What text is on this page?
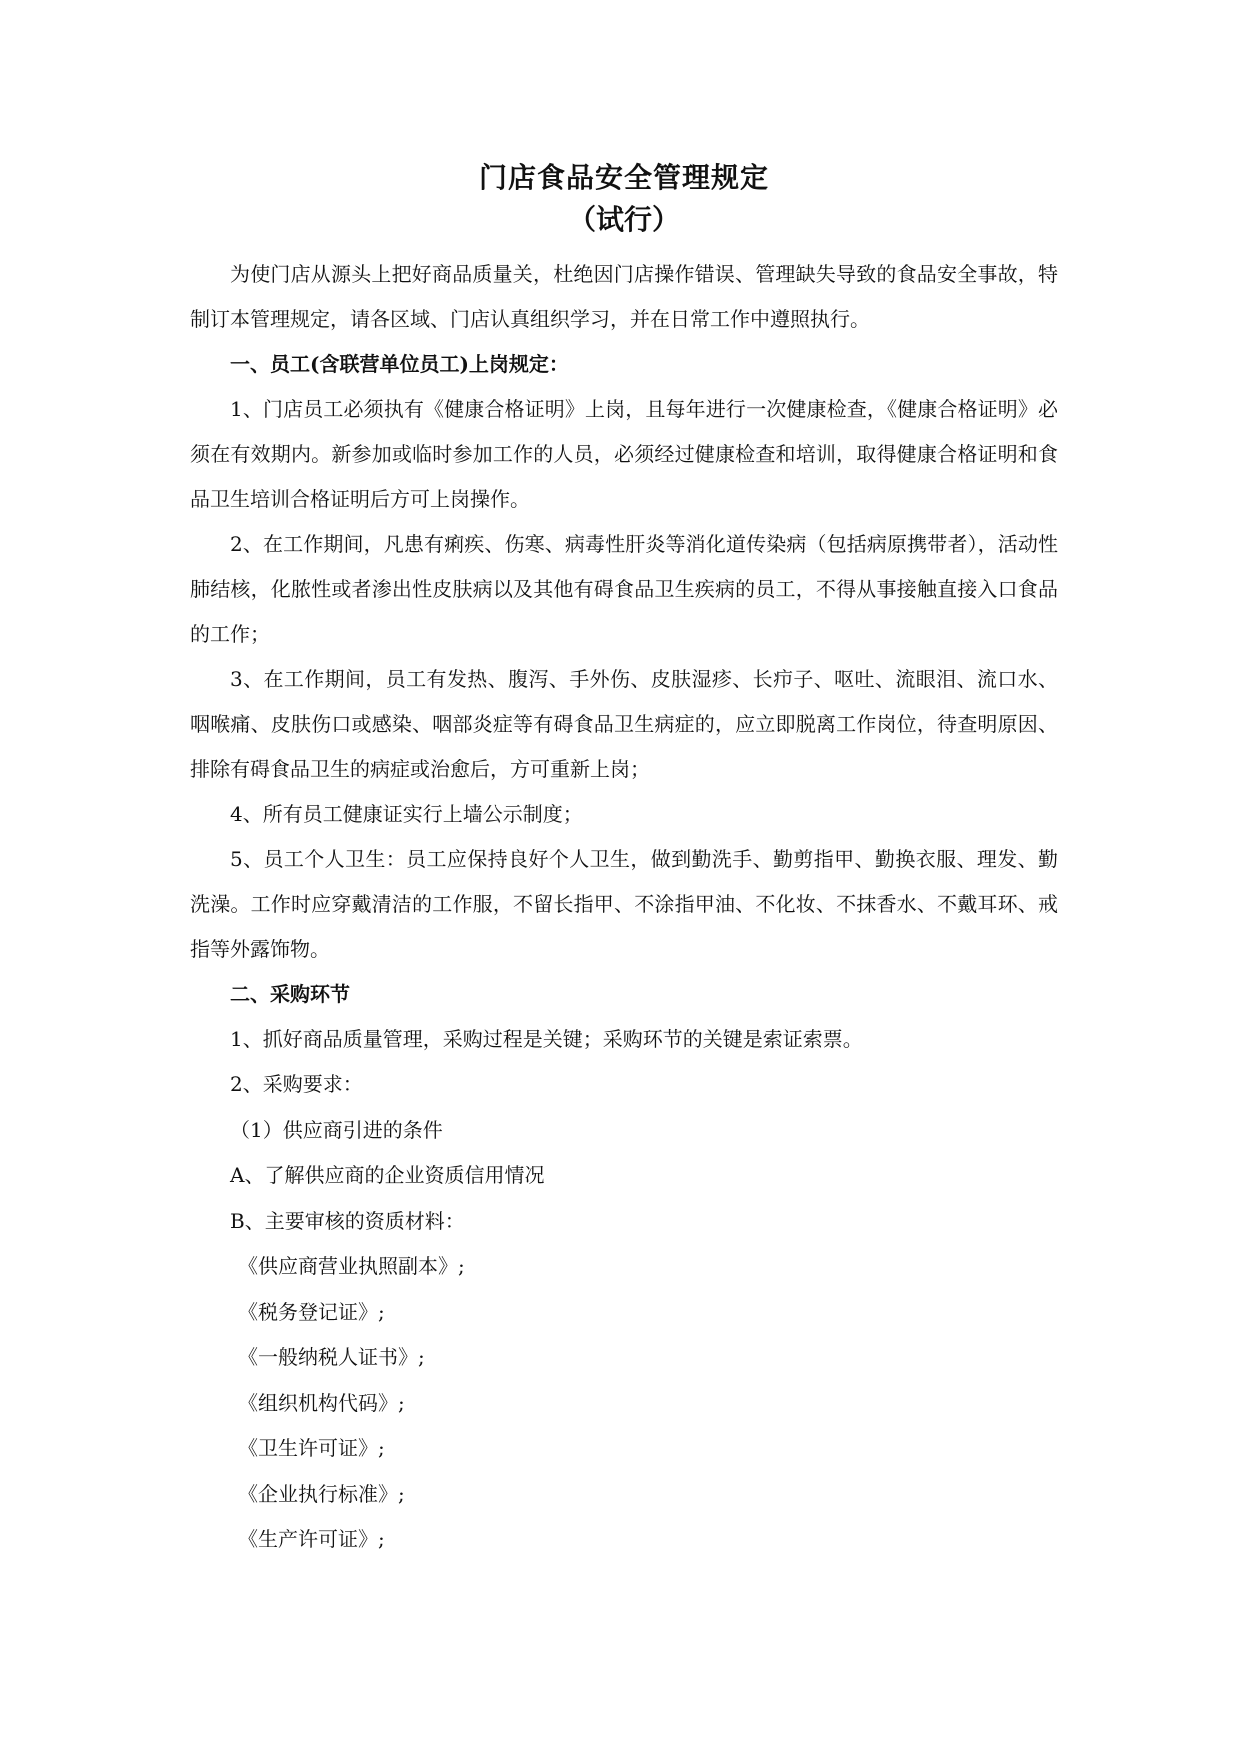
门店食品安全管理规定

（试行）

为使门店从源头上把好商品质量关，杜绝因门店操作错误、管理缺失导致的食品安全事故，特制订本管理规定，请各区域、门店认真组织学习，并在日常工作中遵照执行。

一、员工(含联营单位员工)上岗规定：

1、门店员工必须执有《健康合格证明》上岗，且每年进行一次健康检查，《健康合格证明》必须在有效期内。新参加或临时参加工作的人员，必须经过健康检查和培训，取得健康合格证明和食品卫生培训合格证明后方可上岗操作。

2、在工作期间，凡患有痢疾、伤寒、病毒性肝炎等消化道传染病（包括病原携带者），活动性肺结核，化脓性或者渗出性皮肤病以及其他有碍食品卫生疾病的员工，不得从事接触直接入口食品的工作；

3、在工作期间，员工有发热、腹泻、手外伤、皮肤湿疹、长疖子、呕吐、流眼泪、流口水、咽喉痛、皮肤伤口或感染、咽部炎症等有碍食品卫生病症的，应立即脱离工作岗位，待查明原因、排除有碍食品卫生的病症或治愈后，方可重新上岗；

4、所有员工健康证实行上墙公示制度；

5、员工个人卫生：员工应保持良好个人卫生，做到勤洗手、勤剪指甲、勤换衣服、理发、勤洗澡。工作时应穿戴清洁的工作服，不留长指甲、不涂指甲油、不化妆、不抹香水、不戴耳环、戒指等外露饰物。

二、采购环节

1、抓好商品质量管理，采购过程是关键；采购环节的关键是索证索票。

2、采购要求：

（1）供应商引进的条件

A、了解供应商的企业资质信用情况

B、主要审核的资质材料：

《供应商营业执照副本》;

《税务登记证》;

《一般纳税人证书》;

《组织机构代码》;

《卫生许可证》;

《企业执行标准》;

《生产许可证》;
